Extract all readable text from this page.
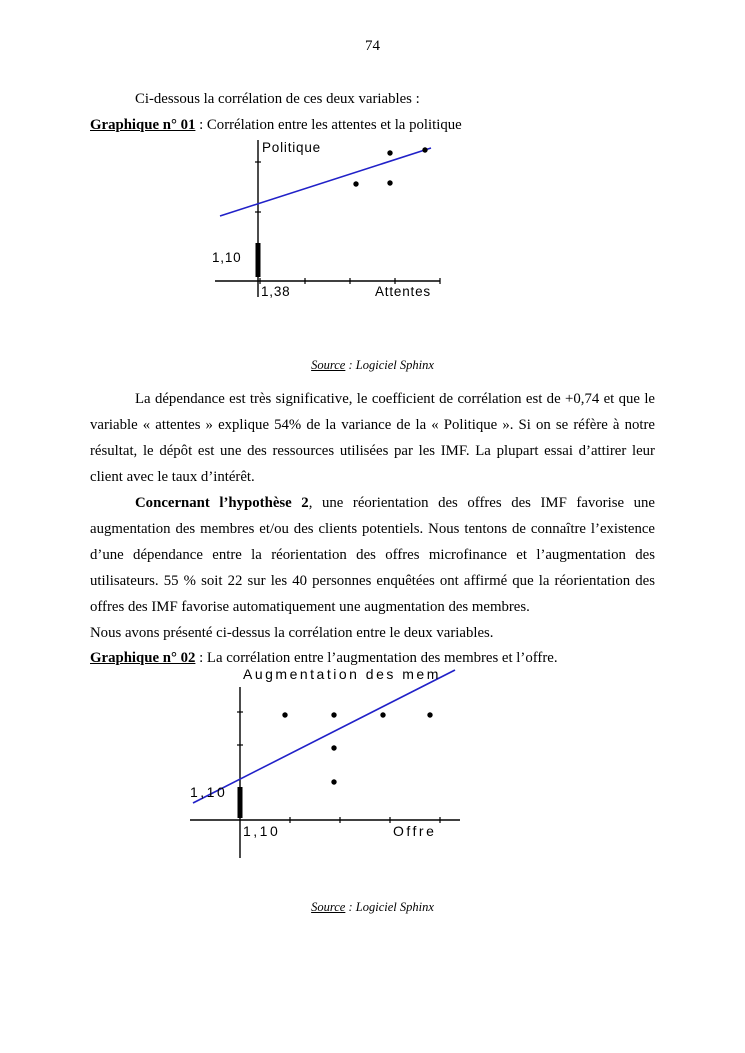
74

Ci-dessous la corrélation de ces deux variables :

Graphique n° 01 : Corrélation entre les attentes et la politique

Politique
1,10
1,38	Attentes

Source : Logiciel Sphinx

La dépendance est très significative, le coefficient de corrélation est de +0,74 et que le variable « attentes » explique 54% de la variance de la « Politique ». Si on se réfère à notre résultat, le dépôt est une des ressources utilisées par les IMF. La plupart essai d’attirer leur client avec le taux d’intérêt.

Concernant l’hypothèse 2, une réorientation des offres des IMF favorise une augmentation des membres et/ou des clients potentiels. Nous tentons de connaître l’existence d’une dépendance entre la réorientation des offres microfinance et l’augmentation des utilisateurs. 55 % soit 22 sur les 40 personnes enquêtées ont affirmé que la réorientation des offres des IMF favorise automatiquement une augmentation des membres.

Nous avons présenté ci-dessus la corrélation entre le deux variables.

Graphique n° 02 : La corrélation entre l’augmentation des membres et l’offre.

Augmentation des mem
1,10
1,10	Offre

Source : Logiciel Sphinx
